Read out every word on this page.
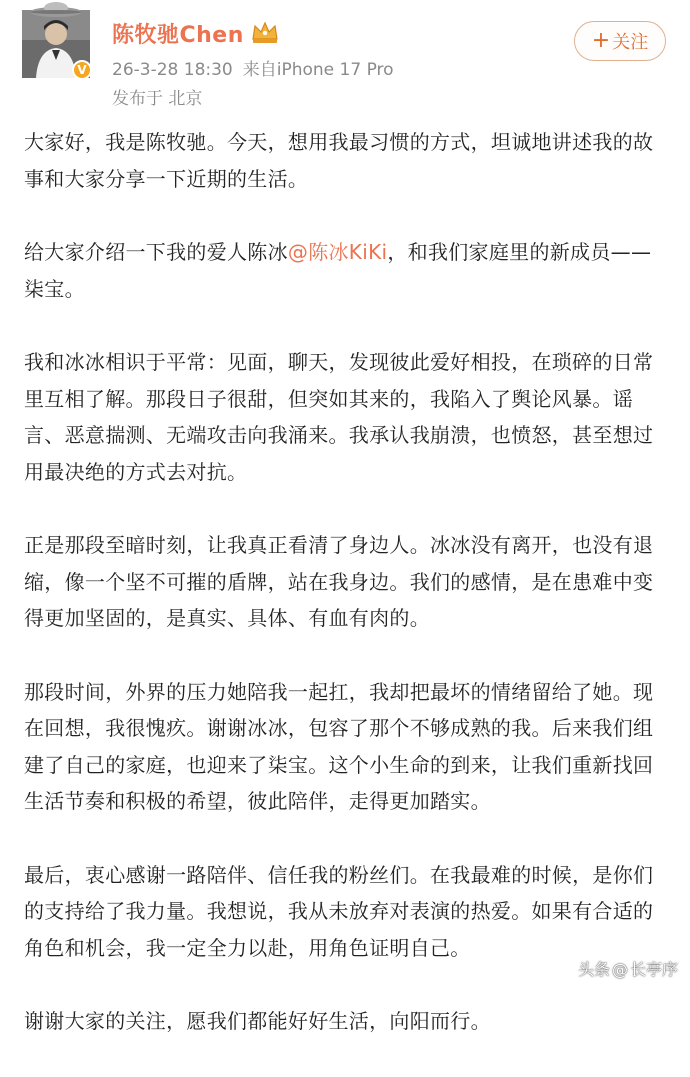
V
陈牧驰Chen
26-3-28 18:30 来自iPhone 17 Pro
发布于 北京
+ 关注

大家好，我是陈牧驰。今天，想用我最习惯的方式，坦诚地讲述我的故事和大家分享一下近期的生活。

给大家介绍一下我的爱人陈冰@陈冰KiKi，和我们家庭里的新成员——柒宝。

我和冰冰相识于平常：见面，聊天，发现彼此爱好相投，在琐碎的日常里互相了解。那段日子很甜，但突如其来的，我陷入了舆论风暴。谣言、恶意揣测、无端攻击向我涌来。我承认我崩溃，也愤怒，甚至想过用最决绝的方式去对抗。

正是那段至暗时刻，让我真正看清了身边人。冰冰没有离开，也没有退缩，像一个坚不可摧的盾牌，站在我身边。我们的感情，是在患难中变得更加坚固的，是真实、具体、有血有肉的。

那段时间，外界的压力她陪我一起扛，我却把最坏的情绪留给了她。现在回想，我很愧疚。谢谢冰冰，包容了那个不够成熟的我。后来我们组建了自己的家庭，也迎来了柒宝。这个小生命的到来，让我们重新找回生活节奏和积极的希望，彼此陪伴，走得更加踏实。

最后，衷心感谢一路陪伴、信任我的粉丝们。在我最难的时候，是你们的支持给了我力量。我想说，我从未放弃对表演的热爱。如果有合适的角色和机会，我一定全力以赴，用角色证明自己。

谢谢大家的关注，愿我们都能好好生活，向阳而行。

头条 @ 长亭序
